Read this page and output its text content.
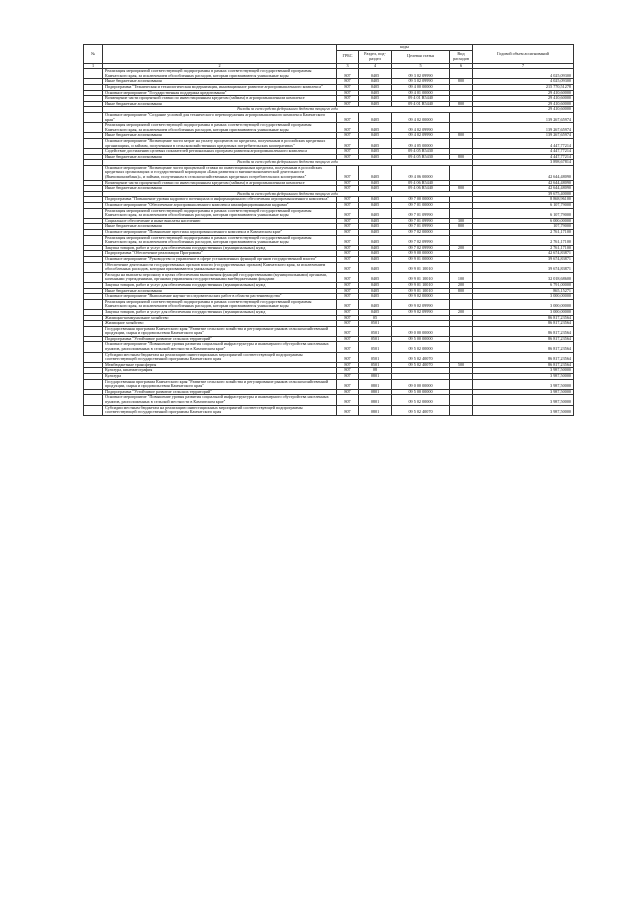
№		коды				Годовой объем ассигнований
		ГРБС	Раздел, под-раздел	Целевая статья	Вид расходов	
1	2	3	4	5	6	7
	Реализация мероприятий соответствующей подпрограммы в рамках соответствующей государственной программы Камчатского края, за исключением обособленных расходов, которым присваиваются уникальные коды	807	0405	09 3 02 09990		4 025,09300
	Иные бюджетные ассигнования	807	0405	09 3 02 09990	800	4 025,09300
	Подпрограмма "Техническая и технологическая модернизация, инновационное развитие агропромышленного комплекса"	807	0405	09 4 00 00000		215 770,51278
	Основное мероприятие "Государственная поддержка кредитования"	807	0405	09 4 01 00000		29 410,60000
	Возмещение части процентной ставки по инвестиционным кредитам (займам) в агропромышленном комплексе	807	0405	09 4 01 R5440		29 410,60000
	Иные бюджетные ассигнования	807	0405	09 4 01 R5440	800	29 410,60000
	Расходы за счет средств федерального бюджета текущего года					29 410,60000
	Основное мероприятие "Создание условий для технического перевооружения агропромышленного комплекса Камчатского края"	807	0405	09 4 02 00000		139 267,65974
	Реализация мероприятий соответствующей подпрограммы в рамках соответствующей государственной программы Камчатского края, за исключением обособленных расходов, которым присваиваются уникальные коды	807	0405	09 4 02 09990		139 267,65974
	Иные бюджетные ассигнования	807	0405	09 4 02 09990	800	139 267,65974
	Основное мероприятие "Возмещение части затрат на уплату процентов по кредитам, полученным в российских кредитных организациях, и займам, полученным в сельскохозяйственных кредитных потребительских кооперативах"	807	0405	09 4 05 00000		4 447,77214
	Содействие достижению целевых показателей региональных программ развития агропромышленного комплекса	807	0405	09 4 05 R5430		4 447,77214
	Иные бюджетные ассигнования	807	0405	09 4 05 R5430	800	4 447,77214
	Расходы за счет средств федерального бюджета текущего года					3 898,67814
	Основное мероприятие "Возмещение части процентной ставки по инвестиционным кредитам, полученным в российских кредитных организациях и государственной корпорации «Банк развития и внешнеэкономической деятельности (Внешэкономбанк)», и займам, полученным в сельскохозяйственных кредитных потребительских кооперативах"	807	0405	09 4 06 00000		42 644,48090
	Возмещение части процентной ставки по инвестиционным кредитам (займам) в агропромышленном комплексе	807	0405	09 4 06 R5440		42 644,48090
	Иные бюджетные ассигнования	807	0405	09 4 06 R5440	800	42 644,48090
	Расходы за счет средств федерального бюджета текущего года					39 675,40000
	Подпрограмма "Повышение уровня кадрового потенциала и информационного обеспечения агропромышленного комплекса"	807	0405	09 7 00 00000		8 868,96100
	Основное мероприятие "Обеспечение агропромышленного комплекса квалифицированными кадрами"	807	0405	09 7 01 00000		6 107,79000
	Реализация мероприятий соответствующей подпрограммы в рамках соответствующей государственной программы Камчатского края, за исключением обособленных расходов, которым присваиваются уникальные коды	807	0405	09 7 01 09990		6 107,79000
	Социальное обеспечение и иные выплаты населению	807	0405	09 7 01 09990	300	6 000,00000
	Иные бюджетные ассигнования	807	0405	09 7 01 09990	800	107,79000
	Основное мероприятие "Повышение престижа агропромышленного комплекса в Камчатском крае"	807	0405	09 7 02 00000		2 761,17100
	Реализация мероприятий соответствующей подпрограммы в рамках соответствующей государственной программы Камчатского края, за исключением обособленных расходов, которым присваиваются уникальные коды	807	0405	09 7 02 09990		2 761,17100
	Закупка товаров, работ и услуг для обеспечения государственных (муниципальных) нужд	807	0405	09 7 02 09990	200	2 761,17100
	Подпрограмма "Обеспечение реализации Программы"	807	0405	09 9 00 00000		42 674,83871
	Основное мероприятие "Руководство и управление в сфере установленных функций органов государственной власти"	807	0405	09 9 01 00000		39 674,83871
	Обеспечение деятельности государственных органов власти (государственных органов) Камчатского края, за исключением обособленных расходов, которым присваиваются уникальные коды	807	0405	09 9 01 10010		39 674,83871
	Расходы на выплаты персоналу в целях обеспечения выполнения функций государственными (муниципальными) органами, казенными учреждениями, органами управления государственными внебюджетными фондами	807	0405	09 9 01 10010	100	32 018,68600
	Закупка товаров, работ и услуг для обеспечения государственных (муниципальных) нужд	807	0405	09 9 01 10010	200	6 791,00000
	Иные бюджетные ассигнования	807	0405	09 9 01 10010	800	865,15271
	Основное мероприятие "Выполнение научно-исследовательских работ в области растениеводства"	807	0405	09 9 02 00000		3 000,00000
	Реализация мероприятий соответствующей подпрограммы в рамках соответствующей государственной программы Камчатского края, за исключением обособленных расходов, которым присваиваются уникальные коды	807	0405	09 9 02 09990		3 000,00000
	Закупка товаров, работ и услуг для обеспечения государственных (муниципальных) нужд	807	0405	09 9 02 09990	200	3 000,00000
	Жилищно-коммунальное хозяйство	807	05			86 817,23564
	Жилищное хозяйство	807	0501			86 817,23564
	Государственная программа Камчатского края "Развитие сельского хозяйства и регулирование рынков сельскохозяйственной продукции, сырья и продовольствия Камчатского края"	807	0501	09 0 00 00000		86 817,23564
	Подпрограмма "Устойчивое развитие сельских территорий"	807	0501	09 5 00 00000		86 817,23564
	Основное мероприятие "Повышение уровня развития социальной инфраструктуры и инженерного обустройства населенных пунктов, расположенных в сельской местности в Камчатском крае"	807	0501	09 5 02 00000		86 817,23564
	Субсидии местным бюджетам на реализацию инвестиционных мероприятий соответствующей подпрограммы соответствующей государственной программы Камчатского края	807	0501	09 5 02 40070		86 817,23564
	Межбюджетные трансферты	807	0501	09 5 02 40070	500	86 817,23564
	Культура, кинематография	807	08			3 987,50000
	Культура	807	0801			3 987,50000
	Государственная программа Камчатского края "Развитие сельского хозяйства и регулирование рынков сельскохозяйственной продукции, сырья и продовольствия Камчатского края"	807	0801	09 0 00 00000		3 987,50000
	Подпрограмма "Устойчивое развитие сельских территорий"	807	0801	09 5 00 00000		3 987,50000
	Основное мероприятие "Повышение уровня развития социальной инфраструктуры и инженерного обустройства населенных пунктов, расположенных в сельской местности в Камчатском крае"	807	0801	09 5 02 00000		3 987,50000
	Субсидии местным бюджетам на реализацию инвестиционных мероприятий соответствующей подпрограммы соответствующей государственной программы Камчатского края	807	0801	09 5 02 40070		3 987,50000
